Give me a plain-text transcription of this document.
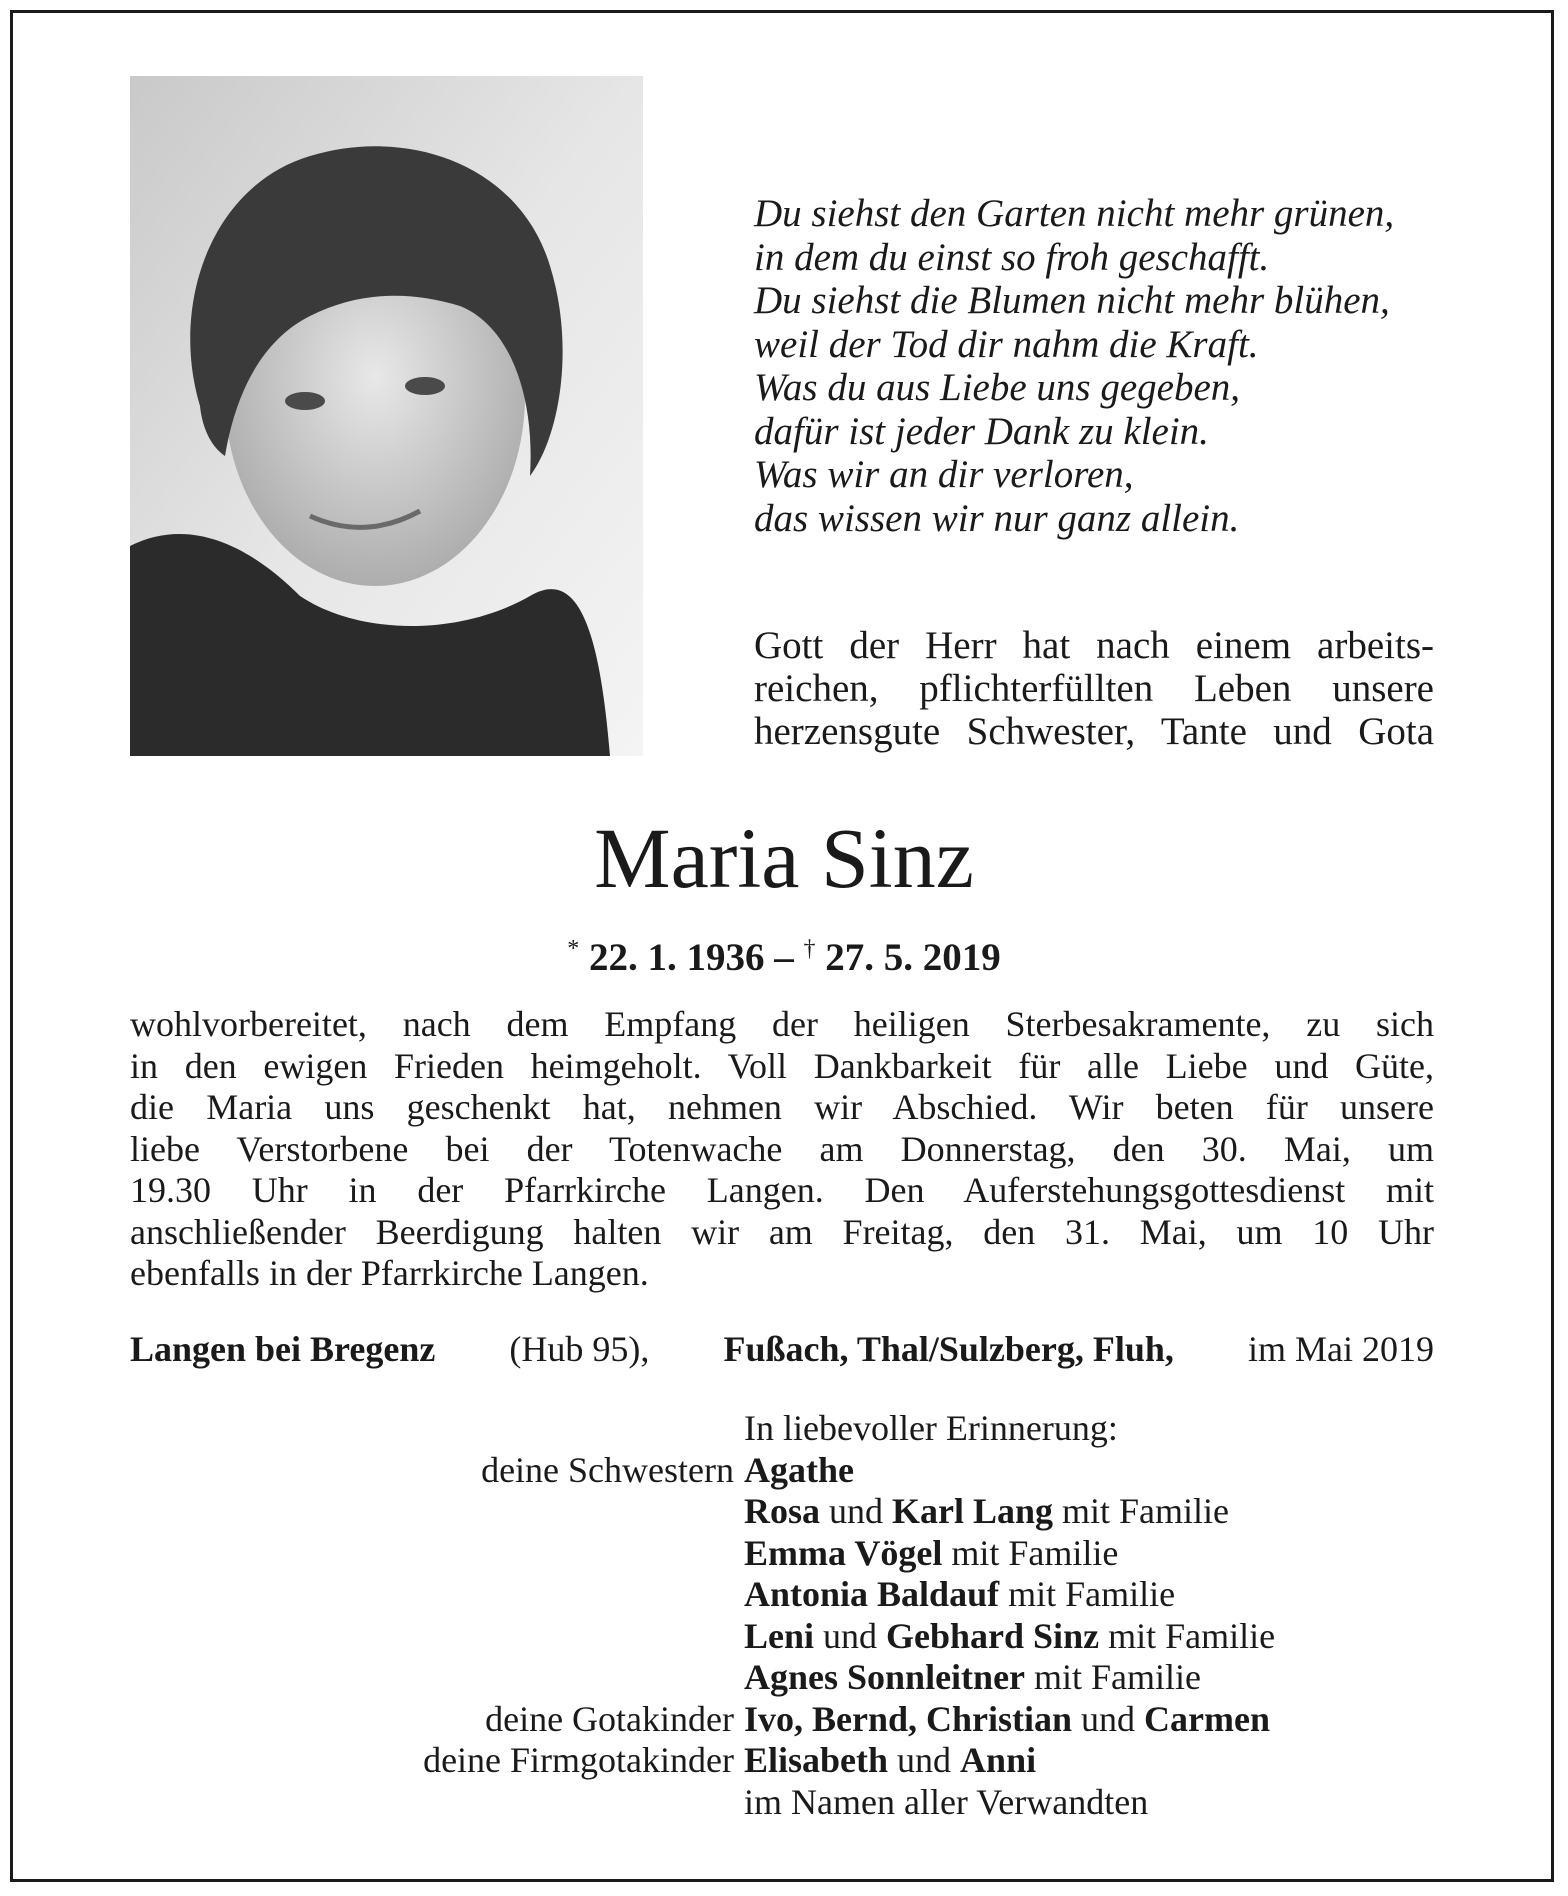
Du siehst den Garten nicht mehr grünen,
in dem du einst so froh geschafft.
Du siehst die Blumen nicht mehr blühen,
weil der Tod dir nahm die Kraft.
Was du aus Liebe uns gegeben,
dafür ist jeder Dank zu klein.
Was wir an dir verloren,
das wissen wir nur ganz allein.
Gott der Herr hat nach einem arbeits-
reichen, pflichterfüllten Leben unsere
herzensgute Schwester, Tante und Gota
Maria Sinz
* 22. 1. 1936 – † 27. 5. 2019
wohlvorbereitet, nach dem Empfang der heiligen Sterbesakramente, zu sich
in den ewigen Frieden heimgeholt. Voll Dankbarkeit für alle Liebe und Güte,
die Maria uns geschenkt hat, nehmen wir Abschied. Wir beten für unsere
liebe Verstorbene bei der Totenwache am Donnerstag, den 30. Mai, um
19.30 Uhr in der Pfarrkirche Langen. Den Auferstehungsgottesdienst mit
anschließender Beerdigung halten wir am Freitag, den 31. Mai, um 10 Uhr
ebenfalls in der Pfarrkirche Langen.
Langen bei Bregenz (Hub 95), Fußach, Thal/Sulzberg, Fluh, im Mai 2019
In liebevoller Erinnerung:
deine Schwestern Agathe
Rosa und Karl Lang mit Familie
Emma Vögel mit Familie
Antonia Baldauf mit Familie
Leni und Gebhard Sinz mit Familie
Agnes Sonnleitner mit Familie
deine Gotakinder Ivo, Bernd, Christian und Carmen
deine Firmgotakinder Elisabeth und Anni
im Namen aller Verwandten
